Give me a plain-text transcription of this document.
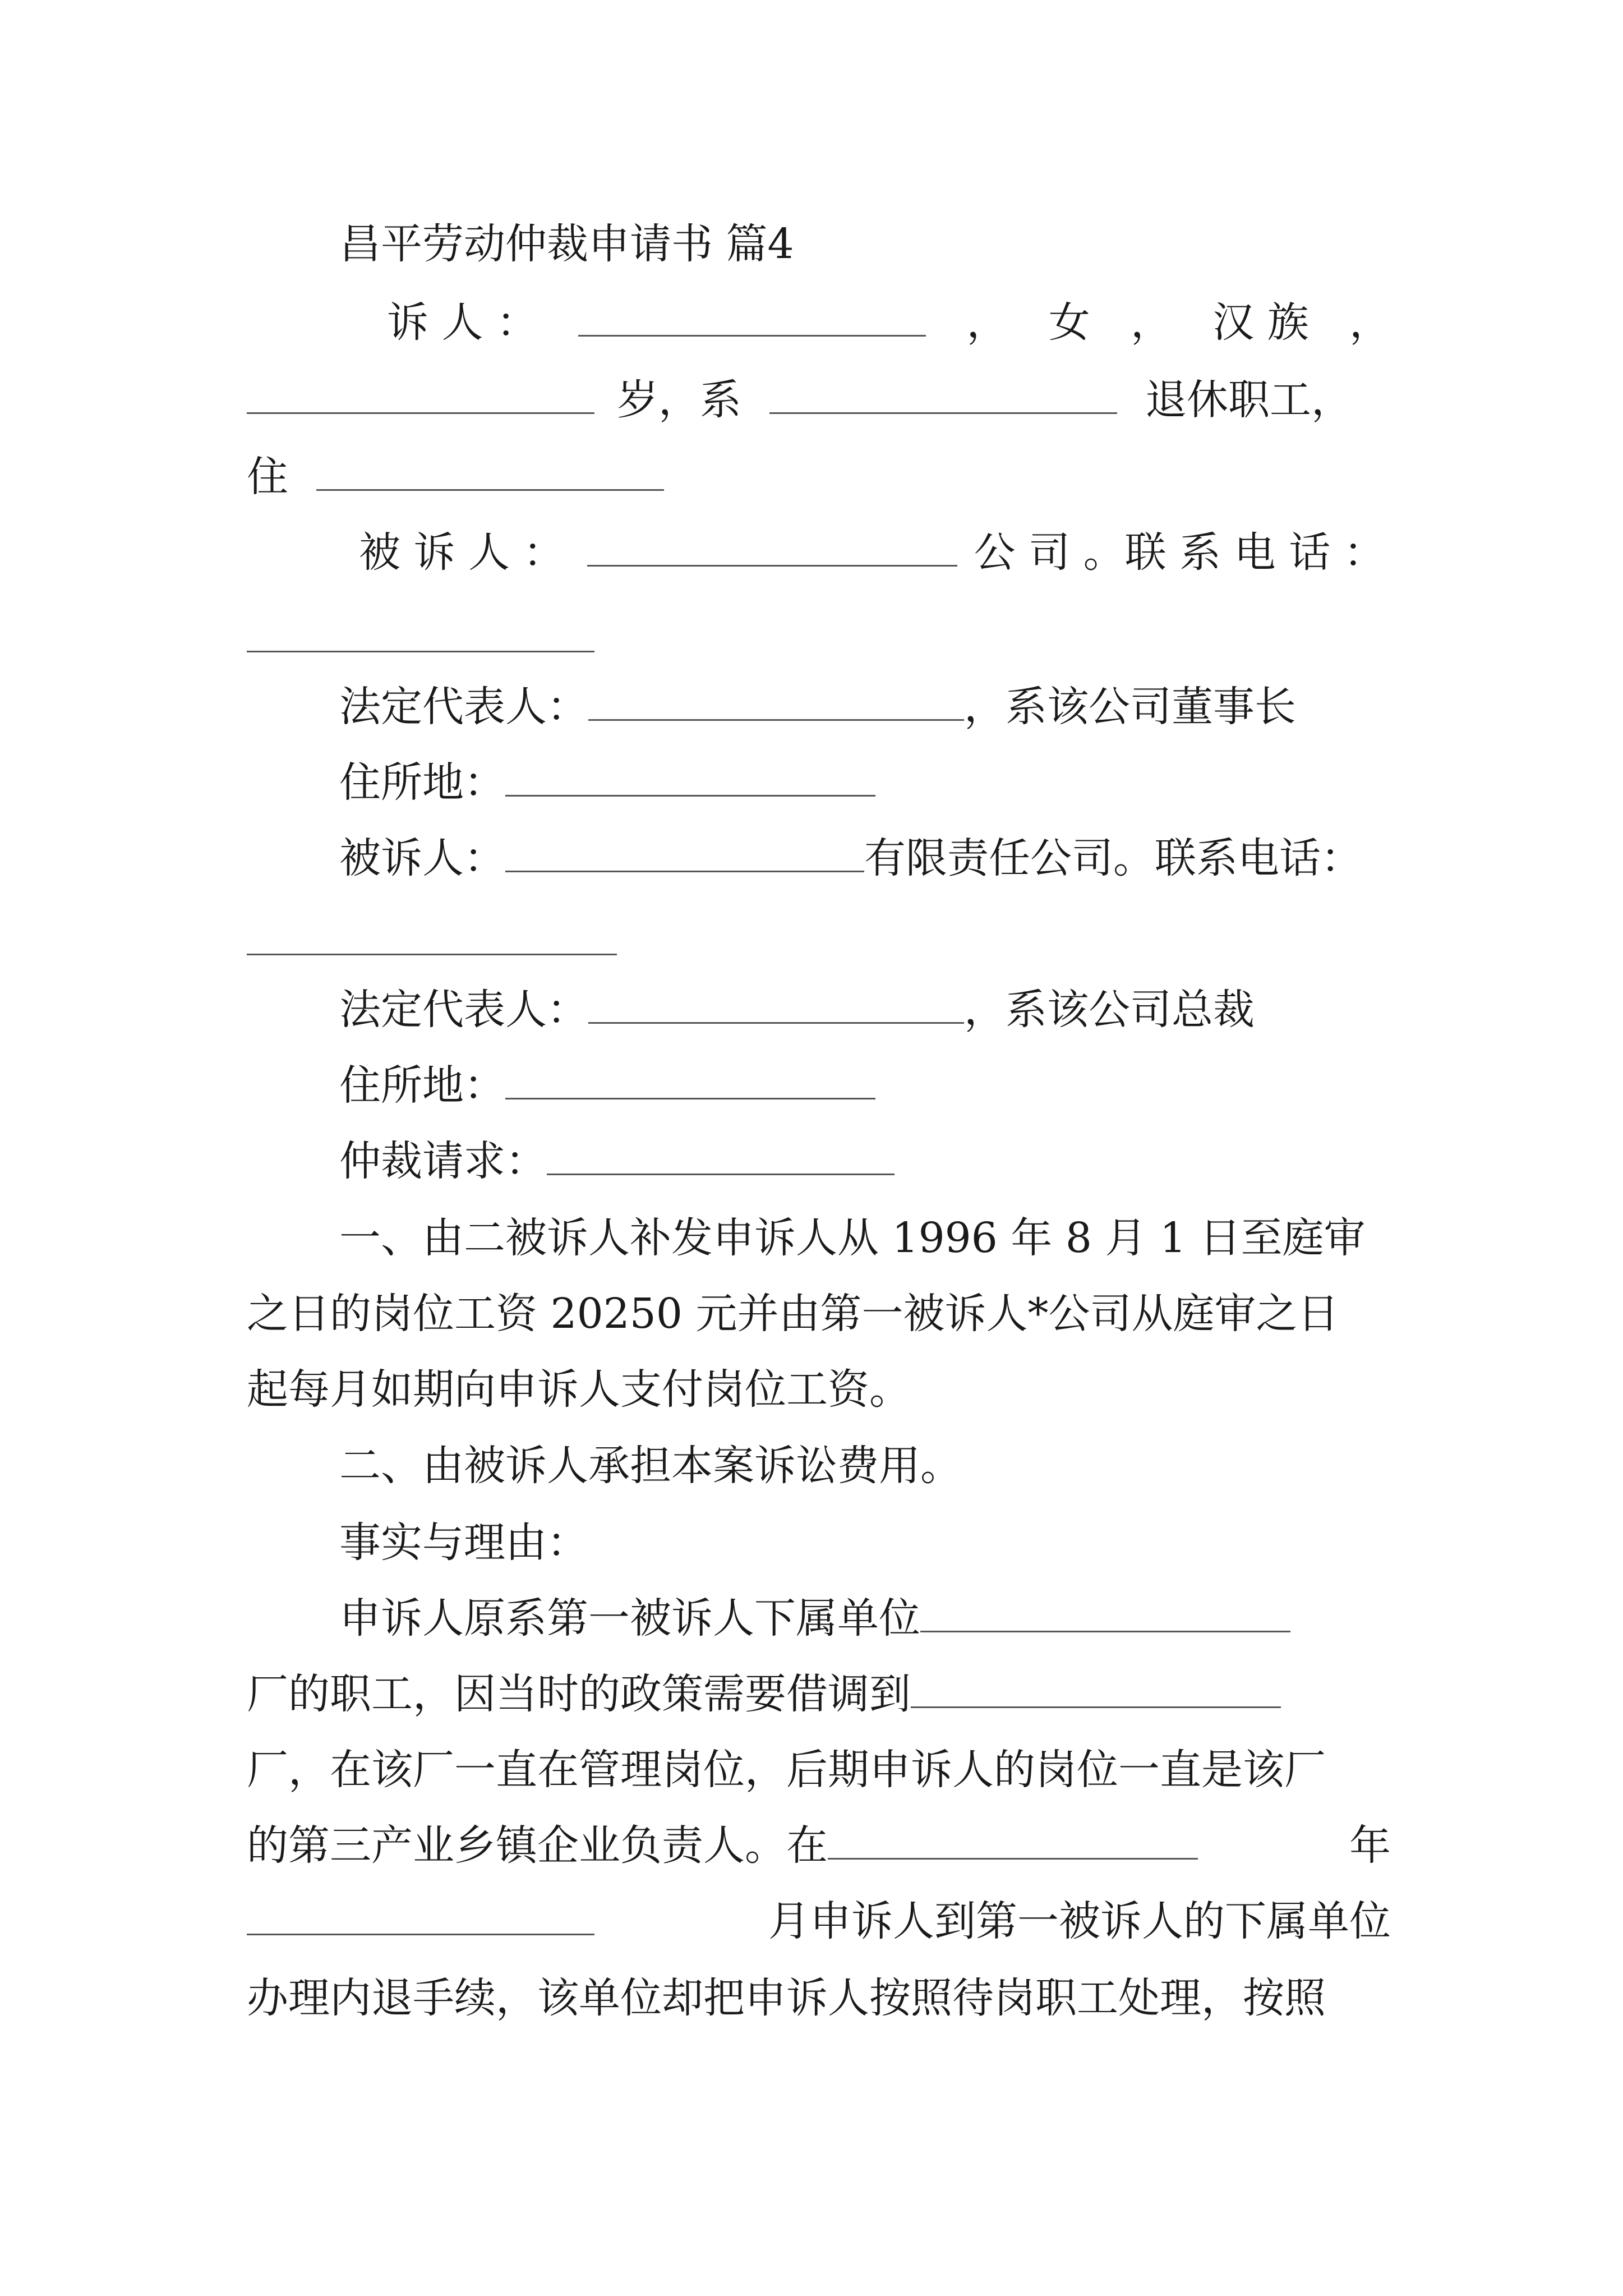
昌平劳动仲裁申请书 篇4
诉 人 ：	， 女 ， 汉 族 ，
岁，系	退休职工，
住
被 诉 人 ：	公 司 。联 系 电 话 ：
法定代表人：	，系该公司董事长
住所地：
被诉人：	有限责任公司。联系电话：
法定代表人：	，系该公司总裁
住所地：
仲裁请求：
一、由二被诉人补发申诉人从 1996 年 8 月 1 日至庭审
之日的岗位工资 20250 元并由第一被诉人*公司从庭审之日
起每月如期向申诉人支付岗位工资。
二、由被诉人承担本案诉讼费用。
事实与理由：
申诉人原系第一被诉人下属单位
厂的职工，因当时的政策需要借调到
厂，在该厂一直在管理岗位，后期申诉人的岗位一直是该厂
的第三产业乡镇企业负责人。在	年
月申诉人到第一被诉人的下属单位
办理内退手续，该单位却把申诉人按照待岗职工处理，按照
